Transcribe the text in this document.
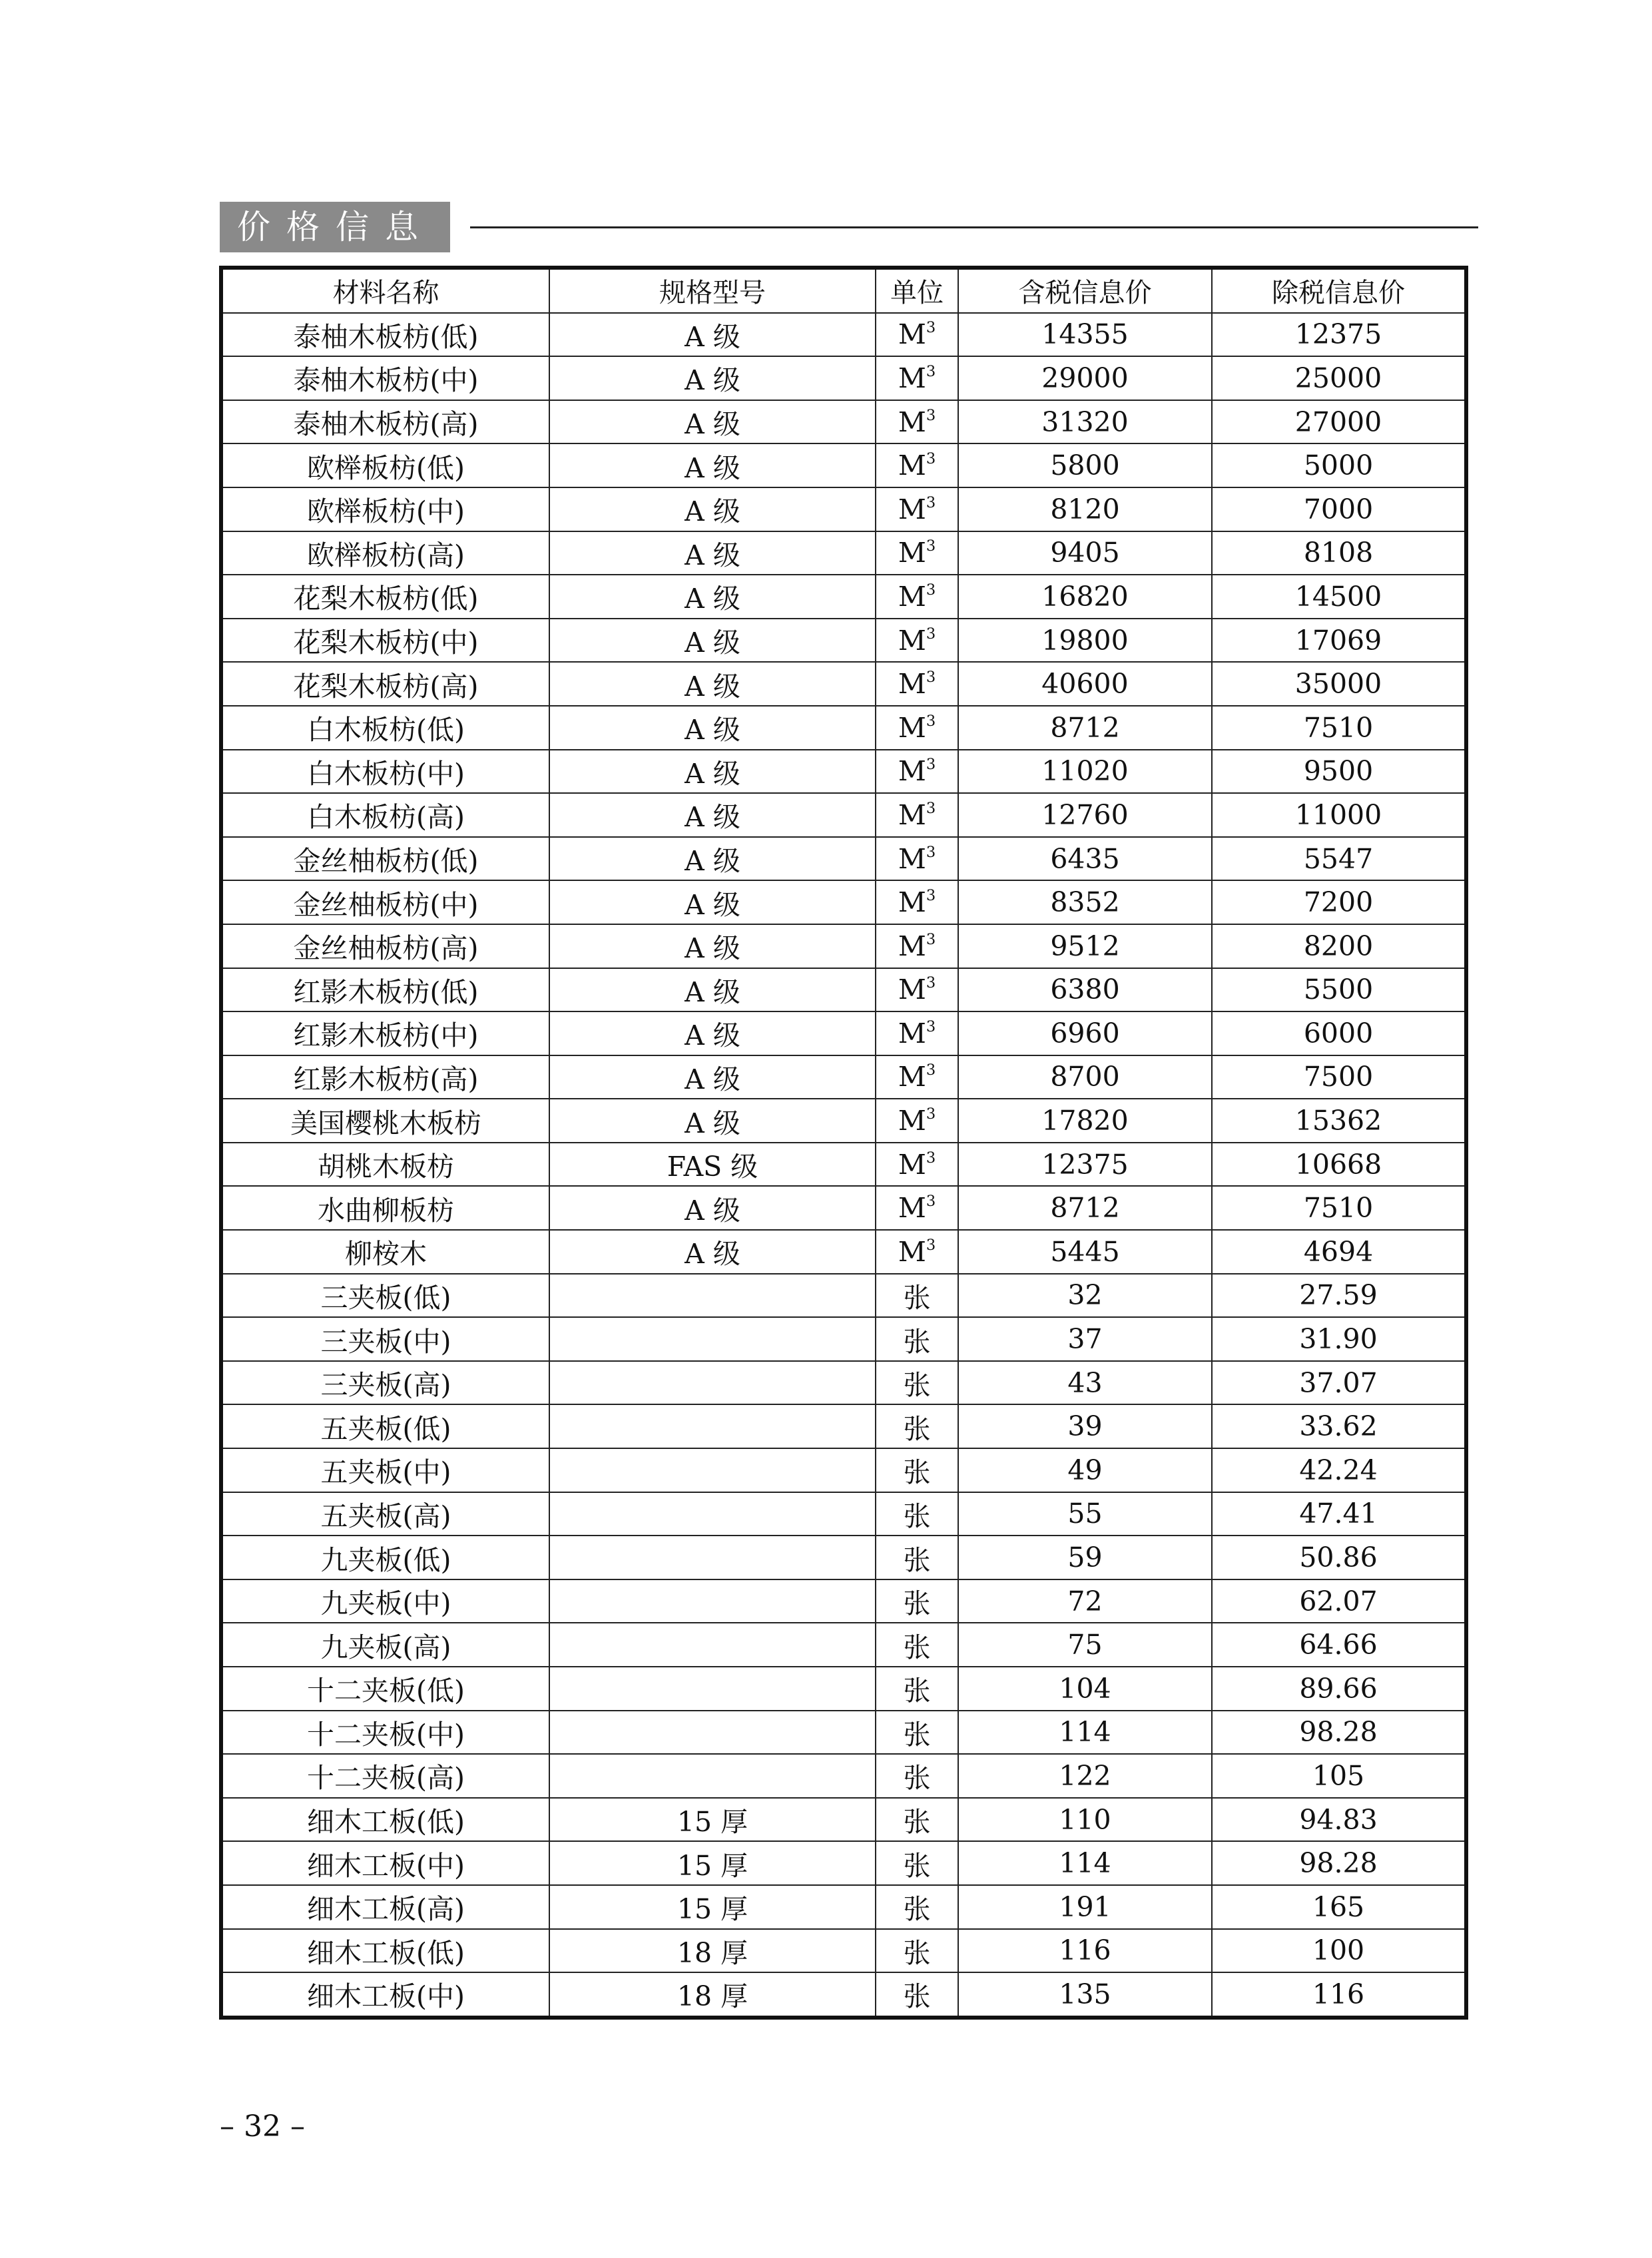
价格信息
材料名称	规格型号	单位	含税信息价	除税信息价
泰柚木板枋(低)	A 级	$M^3$	14355	12375
泰柚木板枋(中)	A 级	$M^3$	29000	25000
泰柚木板枋(高)	A 级	$M^3$	31320	27000
欧榉板枋(低)	A 级	$M^3$	5800	5000
欧榉板枋(中)	A 级	$M^3$	8120	7000
欧榉板枋(高)	A 级	$M^3$	9405	8108
花梨木板枋(低)	A 级	$M^3$	16820	14500
花梨木板枋(中)	A 级	$M^3$	19800	17069
花梨木板枋(高)	A 级	$M^3$	40600	35000
白木板枋(低)	A 级	$M^3$	8712	7510
白木板枋(中)	A 级	$M^3$	11020	9500
白木板枋(高)	A 级	$M^3$	12760	11000
金丝柚板枋(低)	A 级	$M^3$	6435	5547
金丝柚板枋(中)	A 级	$M^3$	8352	7200
金丝柚板枋(高)	A 级	$M^3$	9512	8200
红影木板枋(低)	A 级	$M^3$	6380	5500
红影木板枋(中)	A 级	$M^3$	6960	6000
红影木板枋(高)	A 级	$M^3$	8700	7500
美国樱桃木板枋	A 级	$M^3$	17820	15362
胡桃木板枋	FAS 级	$M^3$	12375	10668
水曲柳板枋	A 级	$M^3$	8712	7510
柳桉木	A 级	$M^3$	5445	4694
三夹板(低)		张	32	27.59
三夹板(中)		张	37	31.90
三夹板(高)		张	43	37.07
五夹板(低)		张	39	33.62
五夹板(中)		张	49	42.24
五夹板(高)		张	55	47.41
九夹板(低)		张	59	50.86
九夹板(中)		张	72	62.07
九夹板(高)		张	75	64.66
十二夹板(低)		张	104	89.66
十二夹板(中)		张	114	98.28
十二夹板(高)		张	122	105
细木工板(低)	15 厚	张	110	94.83
细木工板(中)	15 厚	张	114	98.28
细木工板(高)	15 厚	张	191	165
细木工板(低)	18 厚	张	116	100
细木工板(中)	18 厚	张	135	116
– 32 –
